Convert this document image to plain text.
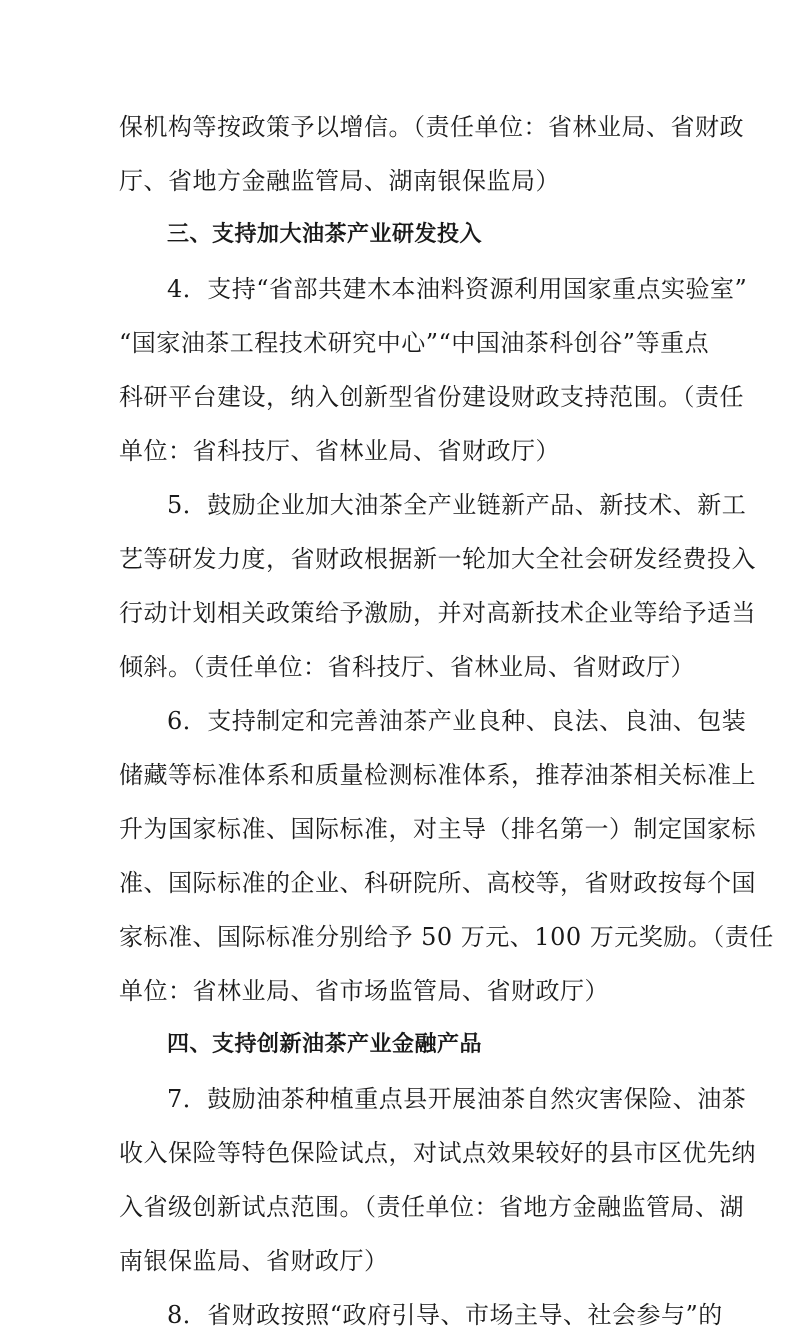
保机构等按政策予以增信。（责任单位：省林业局、省财政
厅、省地方金融监管局、湖南银保监局）
三、支持加大油茶产业研发投入
4．支持“省部共建木本油料资源利用国家重点实验室”
“国家油茶工程技术研究中心”“中国油茶科创谷”等重点
科研平台建设，纳入创新型省份建设财政支持范围。（责任
单位：省科技厅、省林业局、省财政厅）
5．鼓励企业加大油茶全产业链新产品、新技术、新工
艺等研发力度，省财政根据新一轮加大全社会研发经费投入
行动计划相关政策给予激励，并对高新技术企业等给予适当
倾斜。（责任单位：省科技厅、省林业局、省财政厅）
6．支持制定和完善油茶产业良种、良法、良油、包装
储藏等标准体系和质量检测标准体系，推荐油茶相关标准上
升为国家标准、国际标准，对主导（排名第一）制定国家标
准、国际标准的企业、科研院所、高校等，省财政按每个国
家标准、国际标准分别给予 50 万元、100 万元奖励。（责任
单位：省林业局、省市场监管局、省财政厅）
四、支持创新油茶产业金融产品
7．鼓励油茶种植重点县开展油茶自然灾害保险、油茶
收入保险等特色保险试点，对试点效果较好的县市区优先纳
入省级创新试点范围。（责任单位：省地方金融监管局、湖
南银保监局、省财政厅）
8．省财政按照“政府引导、市场主导、社会参与”的
